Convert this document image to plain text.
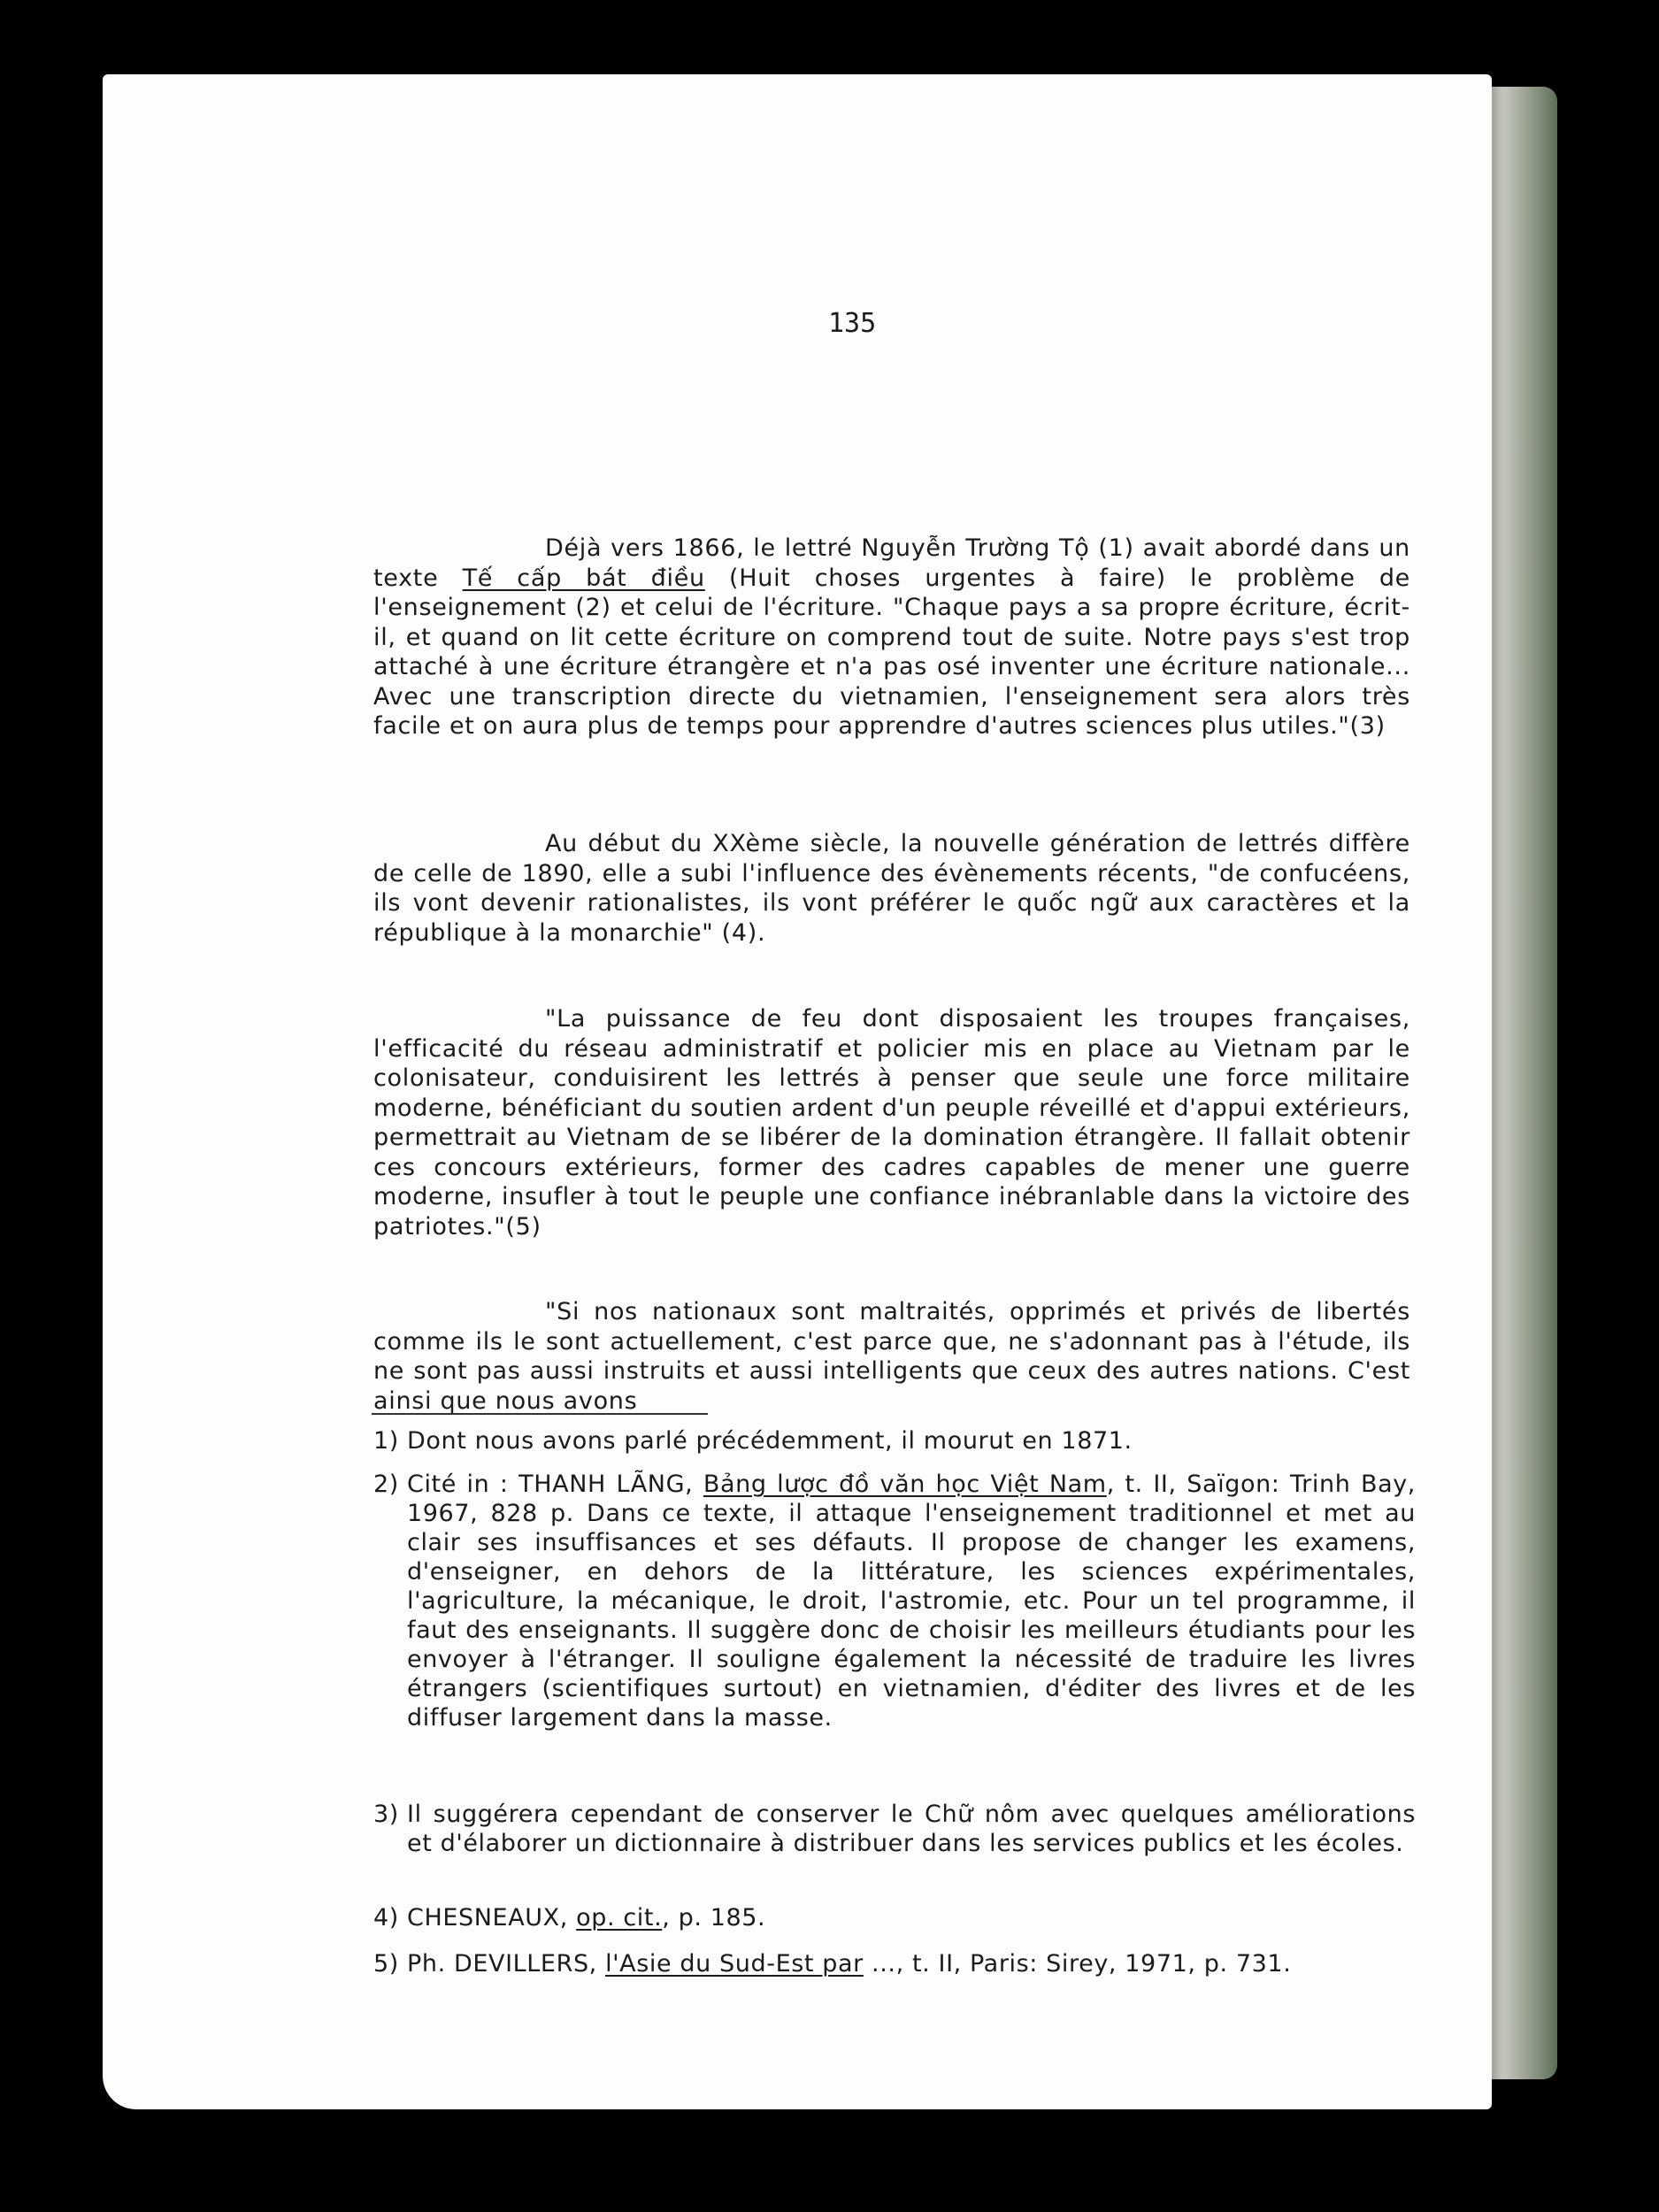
135

Déjà vers 1866, le lettré Nguyễn Trường Tộ (1) avait abordé dans un texte Tế cấp bát điều (Huit choses urgentes à faire) le problème de l'enseignement (2) et celui de l'écriture. "Chaque pays a sa propre écriture, écrit-il, et quand on lit cette écriture on comprend tout de suite. Notre pays s'est trop attaché à une écriture étrangère et n'a pas osé inventer une écriture nationale... Avec une transcription directe du vietnamien, l'enseignement sera alors très facile et on aura plus de temps pour apprendre d'autres sciences plus utiles."(3)

Au début du XXème siècle, la nouvelle génération de lettrés diffère de celle de 1890, elle a subi l'influence des évènements récents, "de confucéens, ils vont devenir rationalistes, ils vont préférer le quốc ngữ aux caractères et la république à la monarchie" (4).

"La puissance de feu dont disposaient les troupes françaises, l'efficacité du réseau administratif et policier mis en place au Vietnam par le colonisateur, conduisirent les lettrés à penser que seule une force militaire moderne, bénéficiant du soutien ardent d'un peuple réveillé et d'appui extérieurs, permettrait au Vietnam de se libérer de la domination étrangère. Il fallait obtenir ces concours extérieurs, former des cadres capables de mener une guerre moderne, insufler à tout le peuple une confiance inébranlable dans la victoire des patriotes."(5)

"Si nos nationaux sont maltraités, opprimés et privés de libertés comme ils le sont actuellement, c'est parce que, ne s'adonnant pas à l'étude, ils ne sont pas aussi instruits et aussi intelligents que ceux des autres nations. C'est ainsi que nous avons

1) Dont nous avons parlé précédemment, il mourut en 1871.
2) Cité in : THANH LÃNG, Bảng lược đồ văn học Việt Nam, t. II, Saïgon: Trinh Bay, 1967, 828 p. Dans ce texte, il attaque l'enseignement traditionnel et met au clair ses insuffisances et ses défauts. Il propose de changer les examens, d'enseigner, en dehors de la littérature, les sciences expérimentales, l'agriculture, la mécanique, le droit, l'astromie, etc. Pour un tel programme, il faut des enseignants. Il suggère donc de choisir les meilleurs étudiants pour les envoyer à l'étranger. Il souligne également la nécessité de traduire les livres étrangers (scientifiques surtout) en vietnamien, d'éditer des livres et de les diffuser largement dans la masse.
3) Il suggérera cependant de conserver le Chữ nôm avec quelques améliorations et d'élaborer un dictionnaire à distribuer dans les services publics et les écoles.
4) CHESNEAUX, op. cit., p. 185.
5) Ph. DEVILLERS, l'Asie du Sud-Est par ..., t. II, Paris: Sirey, 1971, p. 731.
